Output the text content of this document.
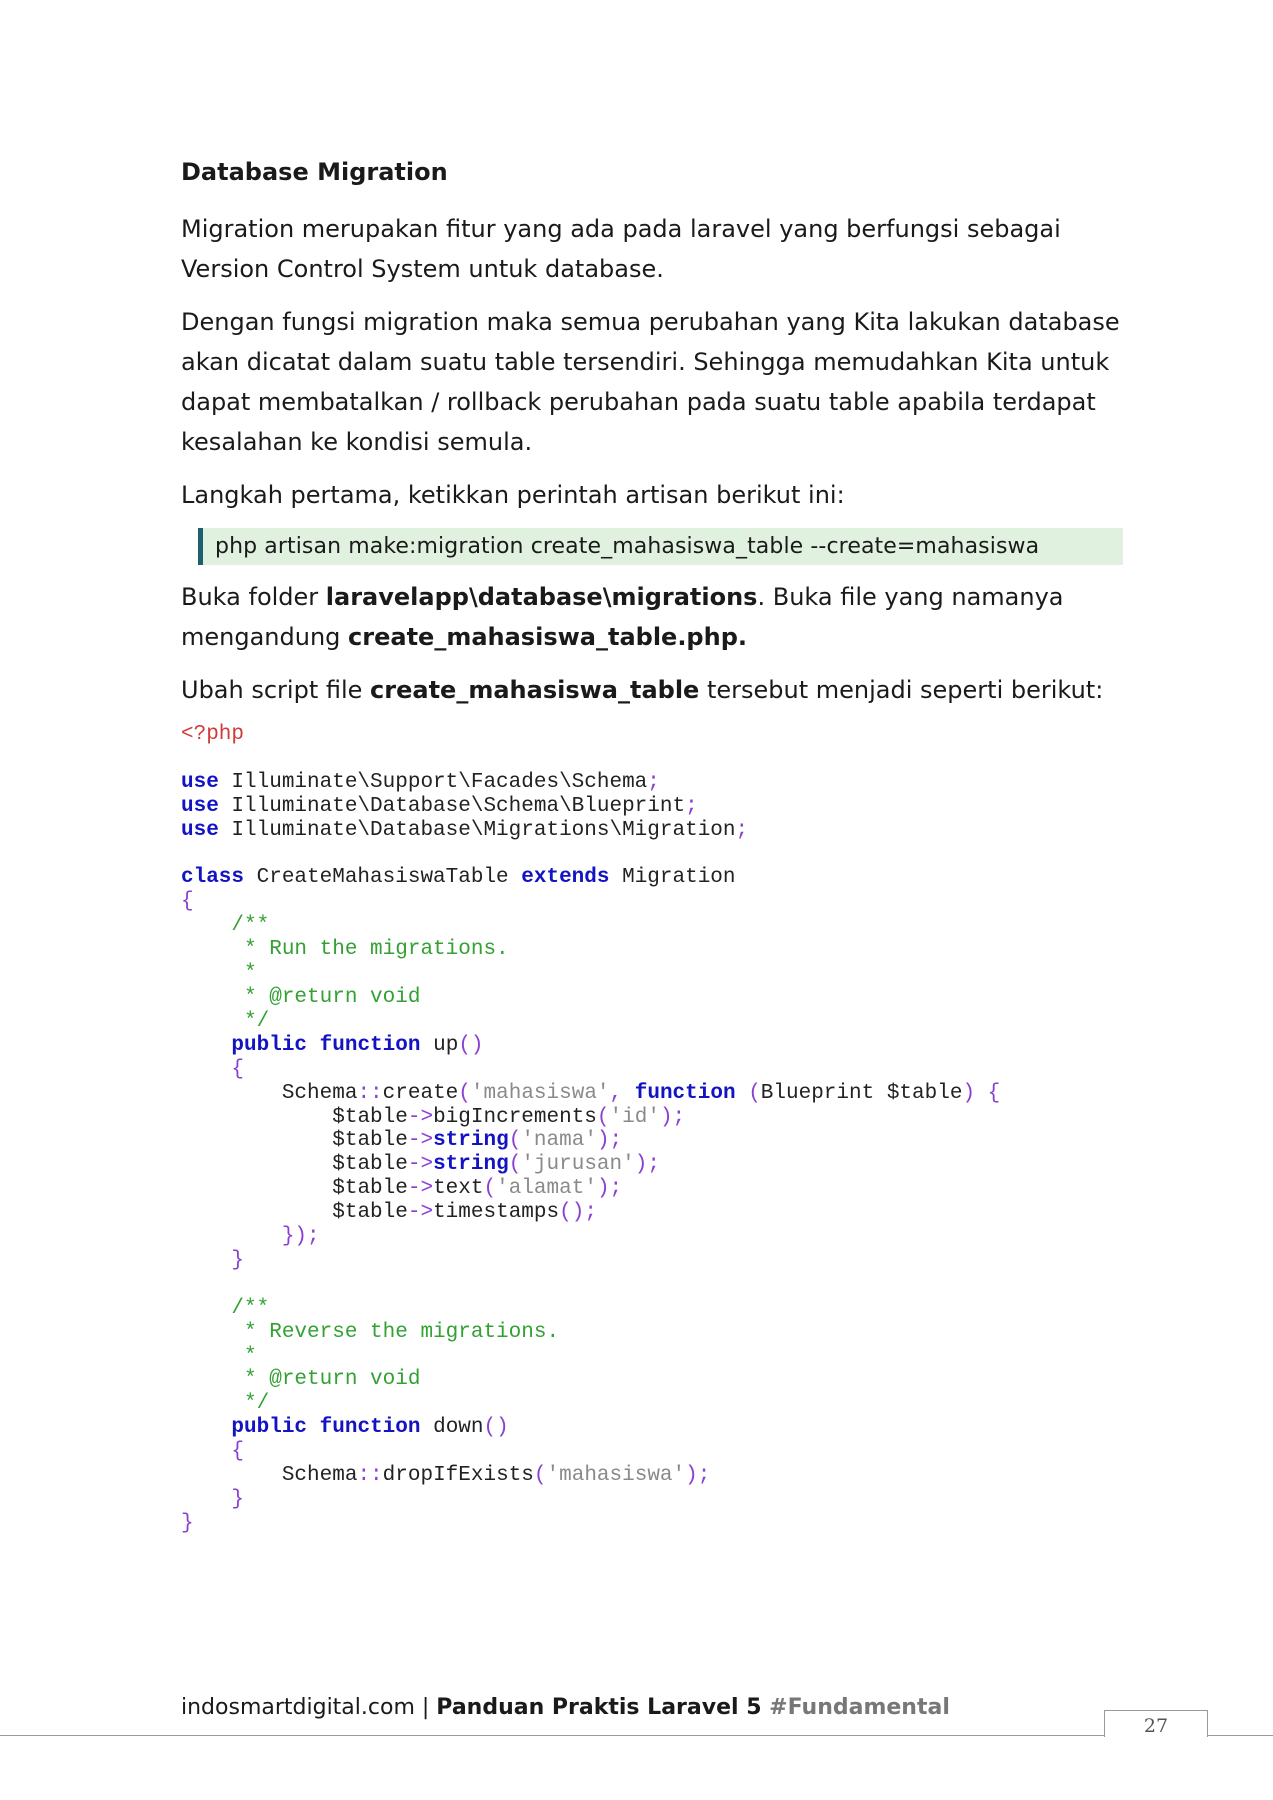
Database Migration

Migration merupakan fitur yang ada pada laravel yang berfungsi sebagai Version Control System untuk database.

Dengan fungsi migration maka semua perubahan yang Kita lakukan database akan dicatat dalam suatu table tersendiri. Sehingga memudahkan Kita untuk dapat membatalkan / rollback perubahan pada suatu table apabila terdapat kesalahan ke kondisi semula.

Langkah pertama, ketikkan perintah artisan berikut ini:

php artisan make:migration create_mahasiswa_table --create=mahasiswa

Buka folder laravelapp\database\migrations. Buka file yang namanya mengandung create_mahasiswa_table.php.

Ubah script file create_mahasiswa_table tersebut menjadi seperti berikut:

<?php

use Illuminate\Support\Facades\Schema;
use Illuminate\Database\Schema\Blueprint;
use Illuminate\Database\Migrations\Migration;

class CreateMahasiswaTable extends Migration
{
/**
* Run the migrations.
*
* @return void
*/
public function up()
{
Schema::create('mahasiswa', function (Blueprint $table) {
$table->bigIncrements('id');
$table->string('nama');
$table->string('jurusan');
$table->text('alamat');
$table->timestamps();
});
}

/**
* Reverse the migrations.
*
* @return void
*/
public function down()
{
Schema::dropIfExists('mahasiswa');
}
}
indosmartdigital.com | Panduan Praktis Laravel 5 #Fundamental
27
